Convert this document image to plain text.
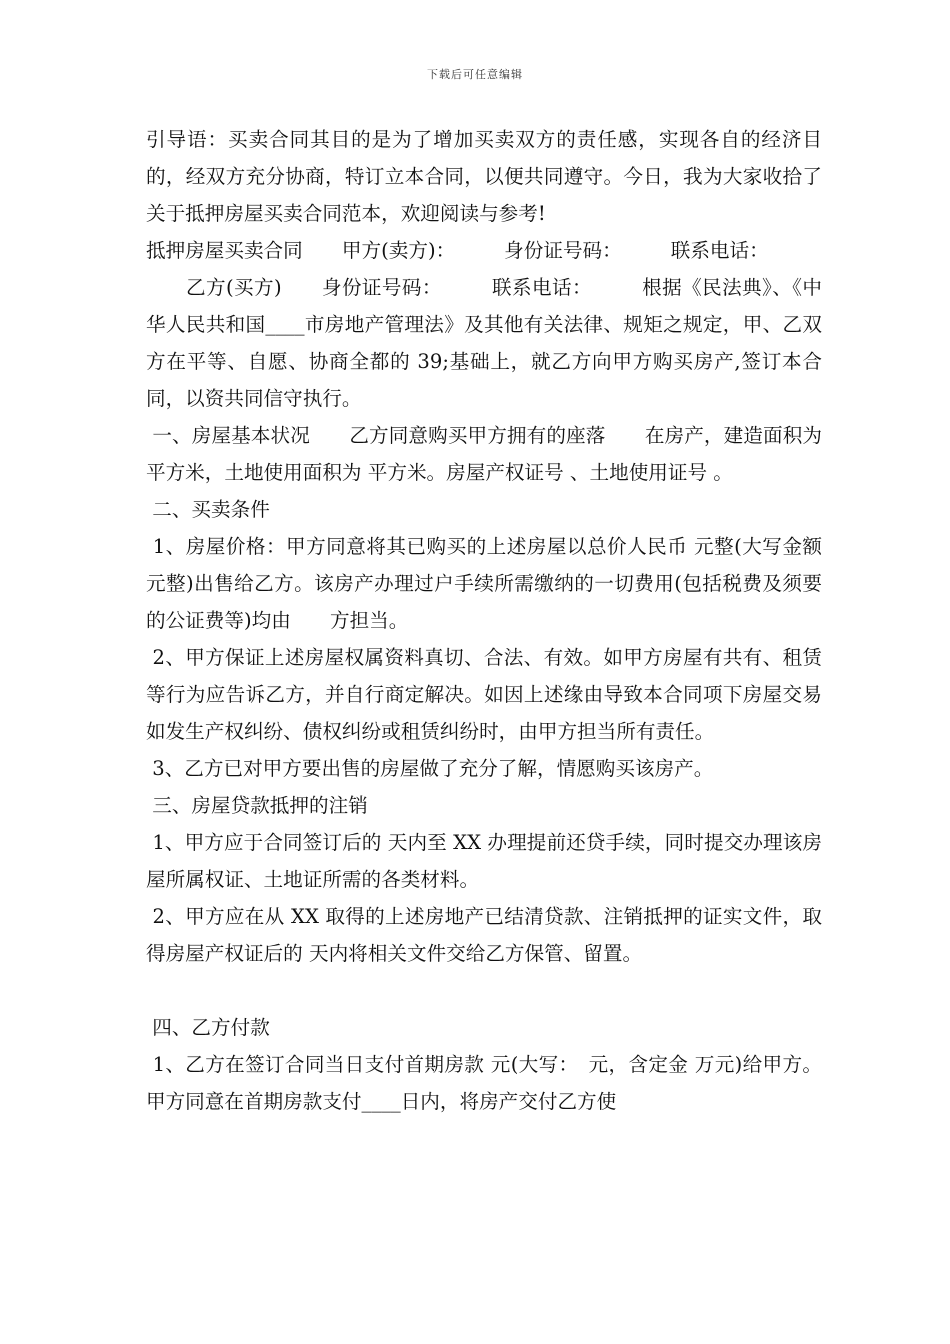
下载后可任意编辑

引导语：买卖合同其目的是为了增加买卖双方的责任感，实现各自的经济目的，经双方充分协商，特订立本合同，以便共同遵守。今日，我为大家收拾了关于抵押房屋买卖合同范本，欢迎阅读与参考!

抵押房屋买卖合同　　甲方(卖方)：　　　身份证号码：　　　联系电话：

　　乙方(买方)　　身份证号码：　　　联系电话：　　　根据《民法典》、《中华人民共和国____市房地产管理法》及其他有关法律、规矩之规定，甲、乙双方在平等、自愿、协商全都的 39;基础上，就乙方向甲方购买房产,签订本合同，以资共同信守执行。

一、房屋基本状况　　乙方同意购买甲方拥有的座落　　在房产，建造面积为 平方米，土地使用面积为 平方米。房屋产权证号 、土地使用证号 。

二、买卖条件

1、房屋价格：甲方同意将其已购买的上述房屋以总价人民币 元整(大写金额 元整)出售给乙方。该房产办理过户手续所需缴纳的一切费用(包括税费及须要的公证费等)均由　　方担当。

2、甲方保证上述房屋权属资料真切、合法、有效。如甲方房屋有共有、租赁等行为应告诉乙方，并自行商定解决。如因上述缘由导致本合同项下房屋交易如发生产权纠纷、债权纠纷或租赁纠纷时，由甲方担当所有责任。

3、乙方已对甲方要出售的房屋做了充分了解，情愿购买该房产。

三、房屋贷款抵押的注销

1、甲方应于合同签订后的 天内至 XX 办理提前还贷手续，同时提交办理该房屋所属权证、土地证所需的各类材料。

2、甲方应在从 XX 取得的上述房地产已结清贷款、注销抵押的证实文件，取得房屋产权证后的 天内将相关文件交给乙方保管、留置。

四、乙方付款

1、乙方在签订合同当日支付首期房款 元(大写：　元，含定金 万元)给甲方。甲方同意在首期房款支付____日内，将房产交付乙方使
